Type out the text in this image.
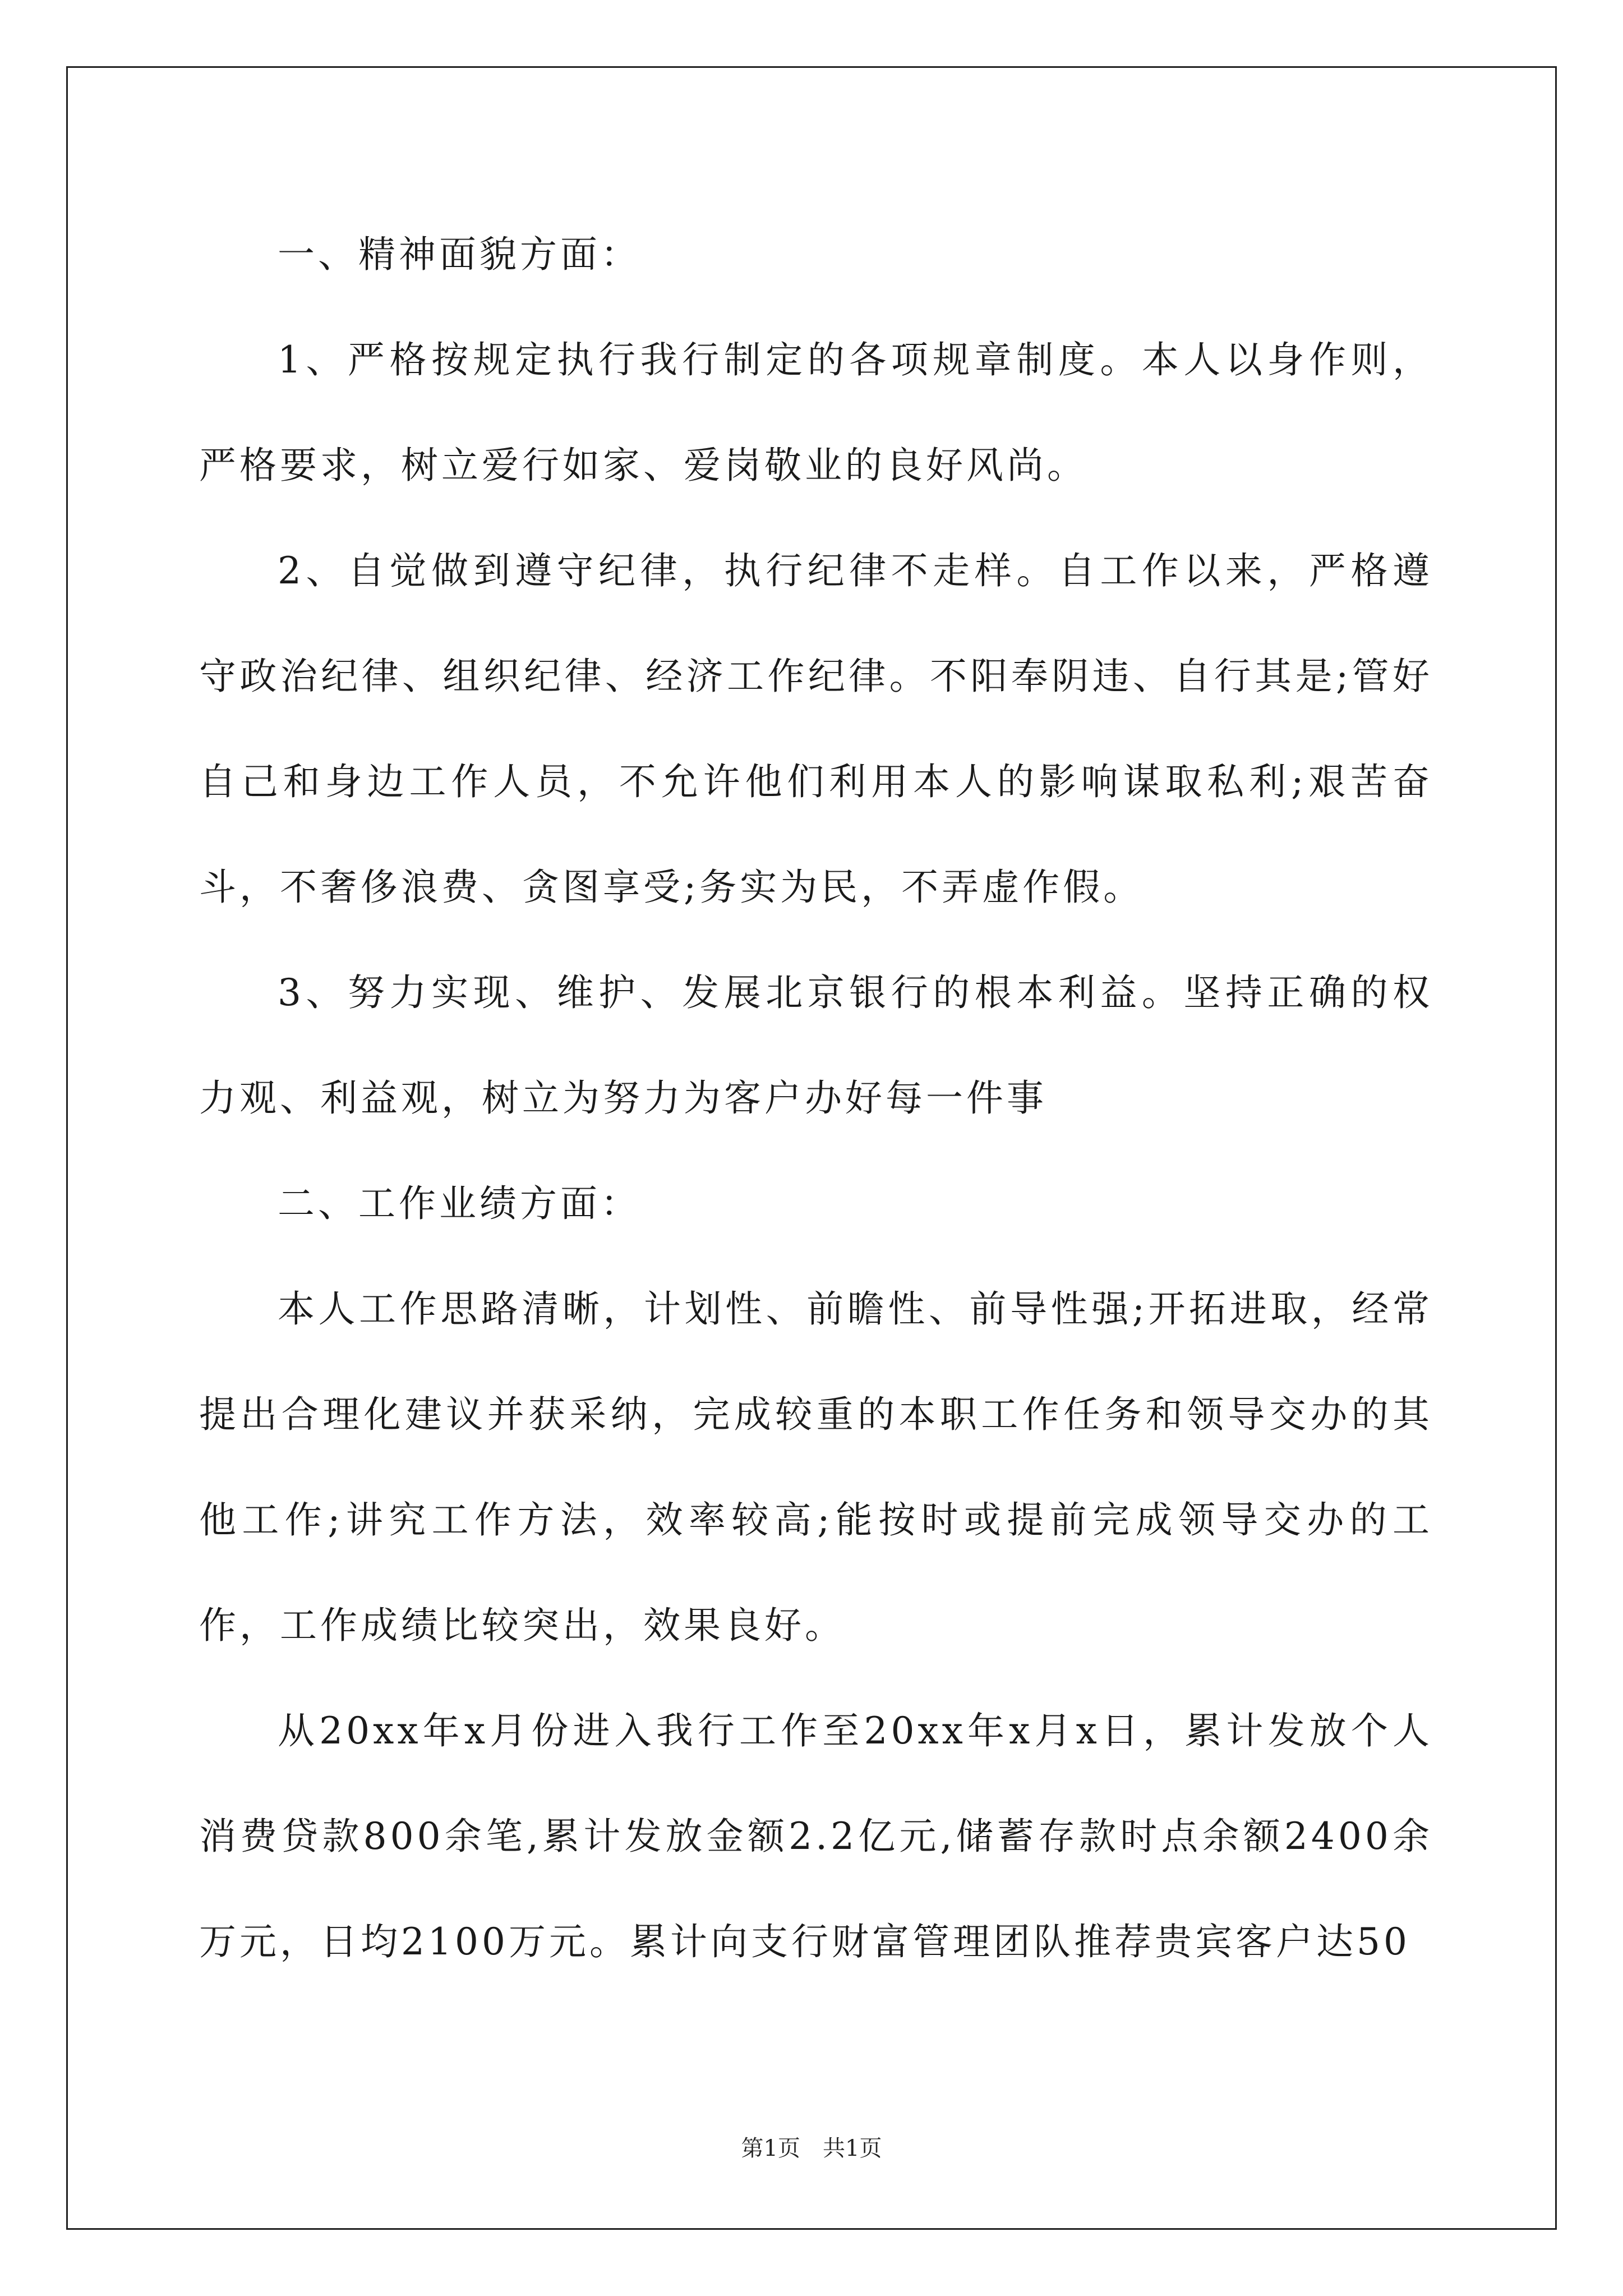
一、精神面貌方面：

1、严格按规定执行我行制定的各项规章制度。本人以身作则，严格要求，树立爱行如家、爱岗敬业的良好风尚。

2、自觉做到遵守纪律，执行纪律不走样。自工作以来，严格遵守政治纪律、组织纪律、经济工作纪律。不阳奉阴违、自行其是;管好自己和身边工作人员，不允许他们利用本人的影响谋取私利;艰苦奋斗，不奢侈浪费、贪图享受;务实为民，不弄虚作假。

3、努力实现、维护、发展北京银行的根本利益。坚持正确的权力观、利益观，树立为努力为客户办好每一件事

二、工作业绩方面：

本人工作思路清晰，计划性、前瞻性、前导性强;开拓进取，经常提出合理化建议并获采纳，完成较重的本职工作任务和领导交办的其他工作;讲究工作方法，效率较高;能按时或提前完成领导交办的工作，工作成绩比较突出，效果良好。

从20xx年x月份进入我行工作至20xx年x月x日，累计发放个人消费贷款800余笔,累计发放金额2.2亿元,储蓄存款时点余额2400余万元，日均2100万元。累计向支行财富管理团队推荐贵宾客户达50

第1页　共1页
